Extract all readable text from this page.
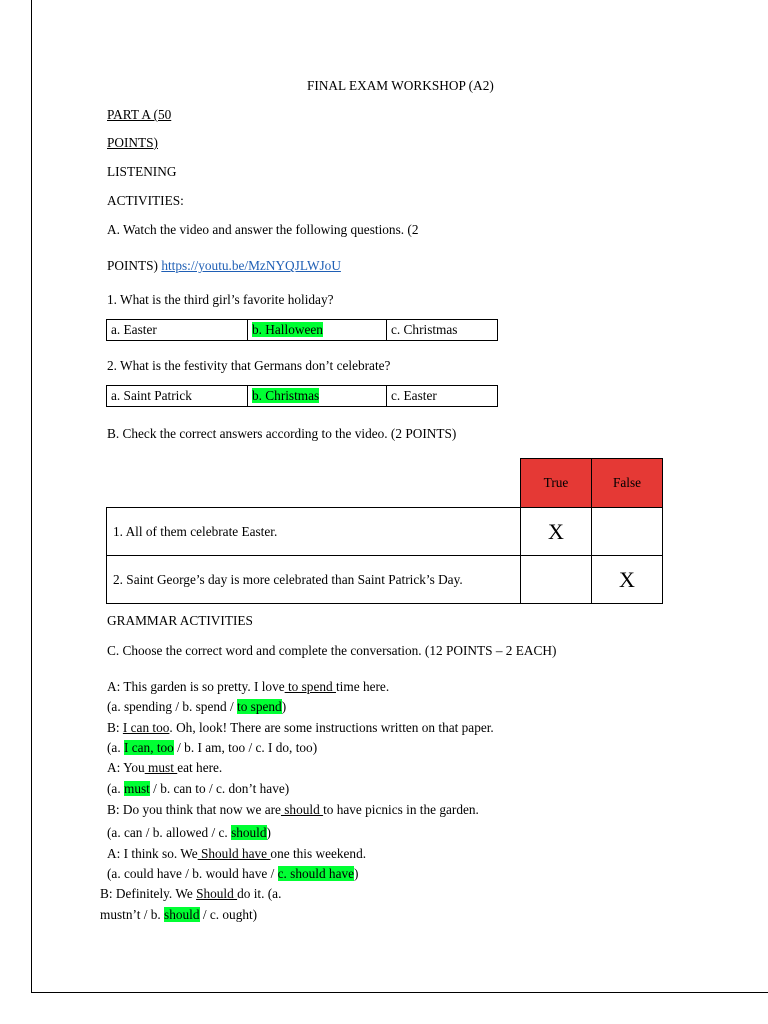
FINAL EXAM WORKSHOP (A2)
PART A (50
POINTS)
LISTENING
ACTIVITIES:
A. Watch the video and answer the following questions. (2
POINTS) https://youtu.be/MzNYQJLWJoU
1. What is the third girl’s favorite holiday?
a. Easter	b. Halloween	c. Christmas
2. What is the festivity that Germans don’t celebrate?
a. Saint Patrick	b. Christmas	c. Easter
B. Check the correct answers according to the video. (2 POINTS)
	True	False
1. All of them celebrate Easter.	X	
2. Saint George’s day is more celebrated than Saint Patrick’s Day.		X
GRAMMAR ACTIVITIES
C. Choose the correct word and complete the conversation. (12 POINTS – 2 EACH)
A: This garden is so pretty. I love to spend time here.
(a. spending / b. spend / to spend)
B: I can too. Oh, look! There are some instructions written on that paper.
(a. I can, too / b. I am, too / c. I do, too)
A: You must eat here.
(a. must / b. can to / c. don’t have)
B: Do you think that now we are should to have picnics in the garden.
(a. can / b. allowed / c. should)
A: I think so. We Should have one this weekend.
(a. could have / b. would have / c. should have)
B: Definitely. We Should do it. (a.
mustn’t / b. should / c. ought)
